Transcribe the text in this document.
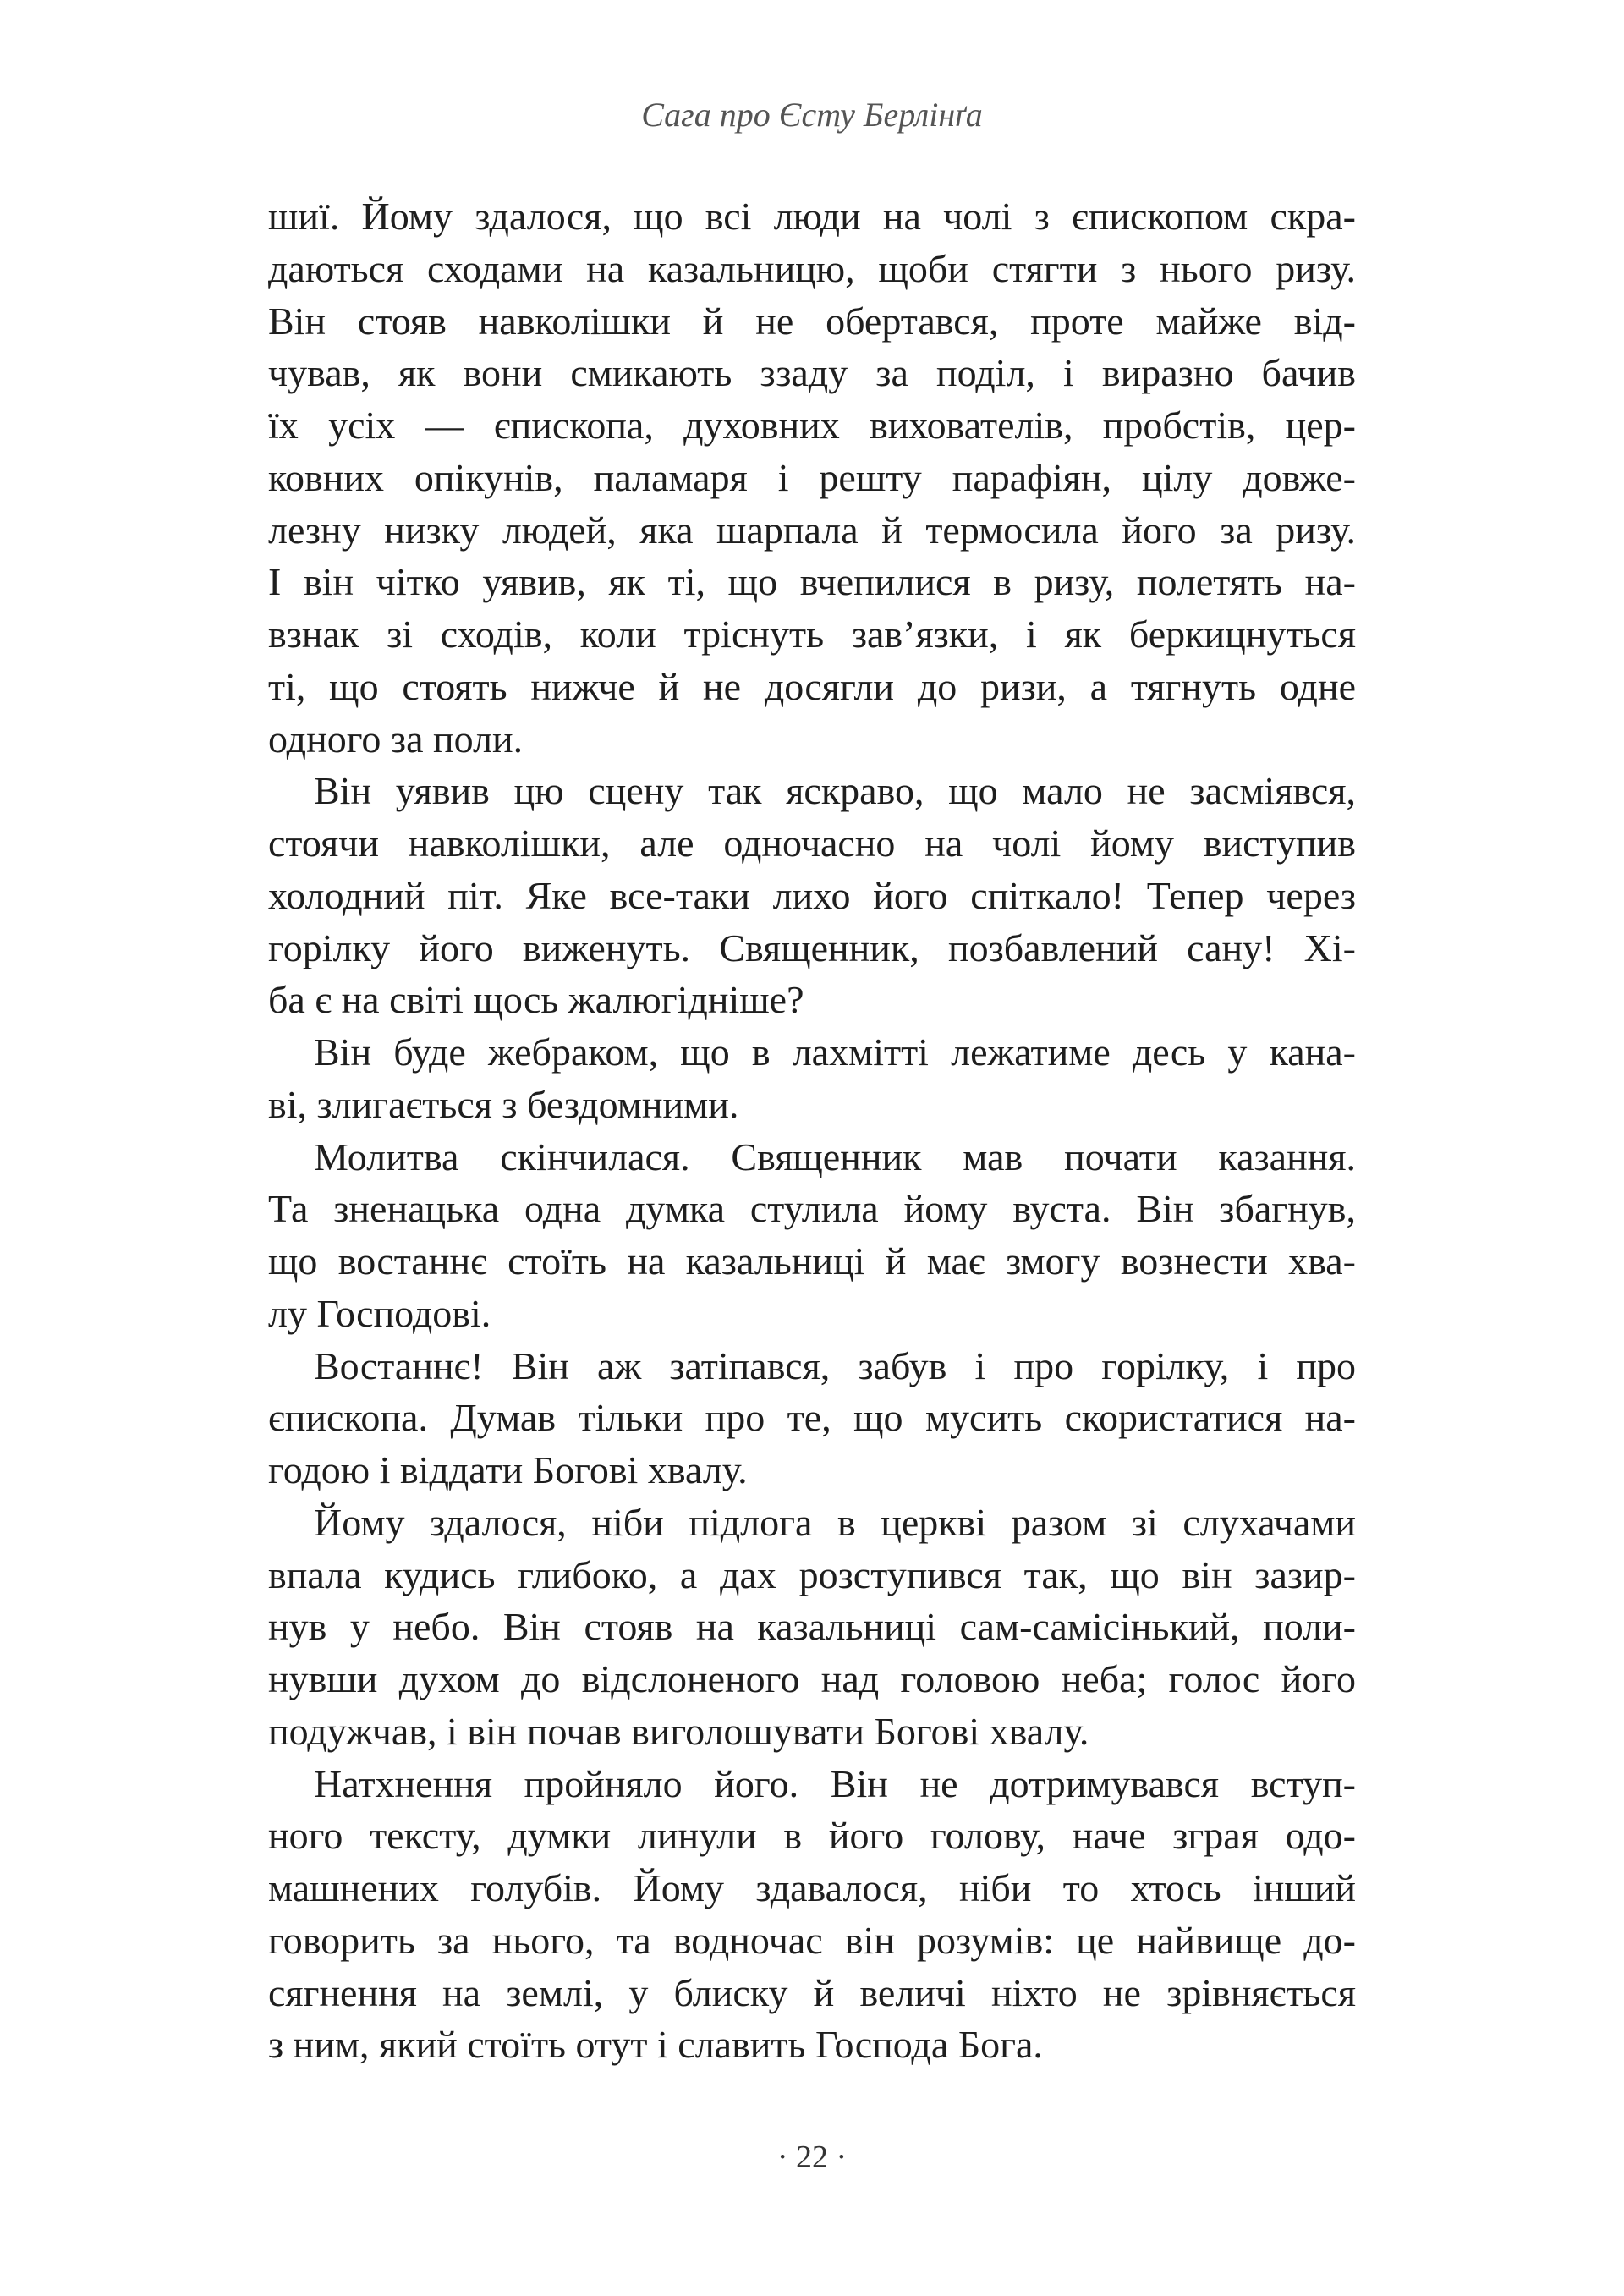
Сага про Єсту Берлінґа
шиї. Йому здалося, що всі люди на чолі з єпископом скра-
даються сходами на казальницю, щоби стягти з нього ризу.
Він стояв навколішки й не обертався, проте майже від-
чував, як вони смикають ззаду за поділ, і виразно бачив
їх усіх — єпископа, духовних вихователів, пробстів, цер-
ковних опікунів, паламаря і решту парафіян, цілу довже-
лезну низку людей, яка шарпала й термосила його за ризу.
І він чітко уявив, як ті, що вчепилися в ризу, полетять на-
взнак зі сходів, коли тріснуть зав’язки, і як беркицнуться
ті, що стоять нижче й не досягли до ризи, а тягнуть одне
одного за поли.
Він уявив цю сцену так яскраво, що мало не засміявся,
стоячи навколішки, але одночасно на чолі йому виступив
холодний піт. Яке все-таки лихо його спіткало! Тепер через
горілку його виженуть. Священник, позбавлений сану! Хі-
ба є на світі щось жалюгідніше?
Він буде жебраком, що в лахмітті лежатиме десь у кана-
ві, злигається з бездомними.
Молитва скінчилася. Священник мав почати казання.
Та зненацька одна думка стулила йому вуста. Він збагнув,
що востаннє стоїть на казальниці й має змогу вознести хва-
лу Господові.
Востаннє! Він аж затіпався, забув і про горілку, і про
єпископа. Думав тільки про те, що мусить скористатися на-
годою і віддати Богові хвалу.
Йому здалося, ніби підлога в церкві разом зі слухачами
впала кудись глибоко, а дах розступився так, що він зазир-
нув у небо. Він стояв на казальниці сам-самісінький, поли-
нувши духом до відслоненого над головою неба; голос його
подужчав, і він почав виголошувати Богові хвалу.
Натхнення пройняло його. Він не дотримувався вступ-
ного тексту, думки линули в його голову, наче зграя одо-
машнених голубів. Йому здавалося, ніби то хтось інший
говорить за нього, та водночас він розумів: це найвище до-
сягнення на землі, у блиску й величі ніхто не зрівняється
з ним, який стоїть отут і славить Господа Бога.
· 22 ·
